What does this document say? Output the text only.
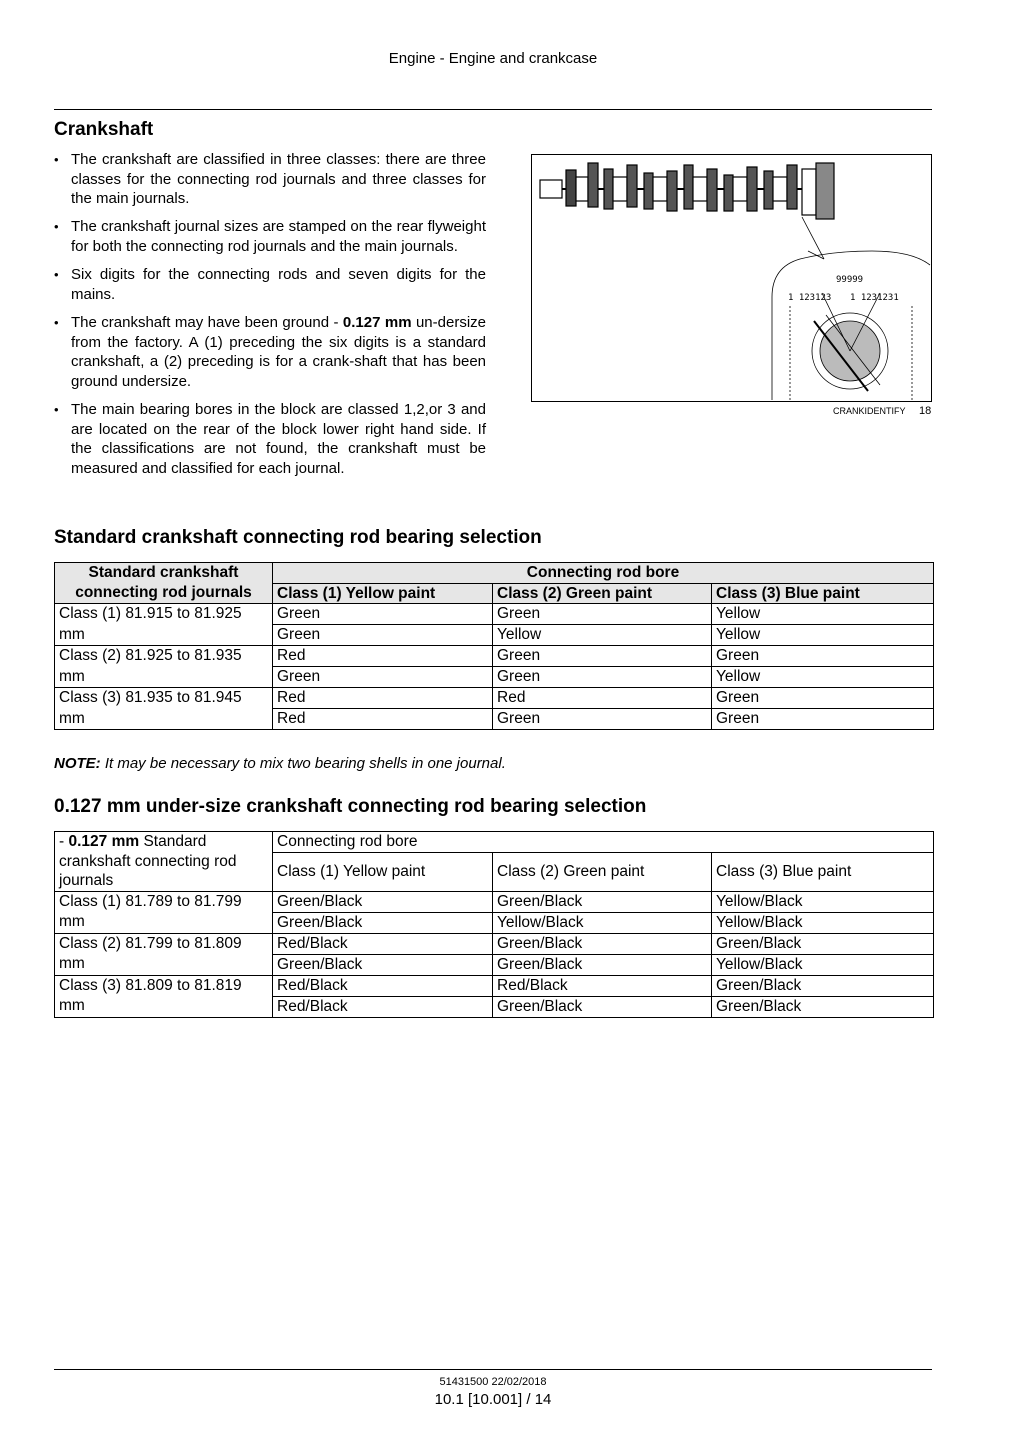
Engine - Engine and crankcase
Crankshaft
• The crankshaft are classified in three classes: there are three classes for the connecting rod journals and three classes for the main journals.
• The crankshaft journal sizes are stamped on the rear flyweight for both the connecting rod journals and the main journals.
• Six digits for the connecting rods and seven digits for the mains.
• The crankshaft may have been ground - 0.127 mm un-dersize from the factory. A (1) preceding the six digits is a standard crankshaft, a (2) preceding is for a crank-shaft that has been ground undersize.
• The main bearing bores in the block are classed 1,2,or 3 and are located on the rear of the block lower right hand side. If the classifications are not found, the crankshaft must be measured and classified for each journal.
99999
1 123123 1 1231231
CRANKIDENTIFY 18
Standard crankshaft connecting rod bearing selection
Standard crankshaft connecting rod journals	Connecting rod bore		
	Class (1) Yellow paint	Class (2) Green paint	Class (3) Blue paint
Class (1) 81.915 to 81.925 mm	Green	Green	Yellow
	Green	Yellow	Yellow
Class (2) 81.925 to 81.935 mm	Red	Green	Green
	Green	Green	Yellow
Class (3) 81.935 to 81.945 mm	Red	Red	Green
	Red	Green	Green
NOTE: It may be necessary to mix two bearing shells in one journal.
0.127 mm under-size crankshaft connecting rod bearing selection
- 0.127 mm Standard crankshaft connecting rod journals	Connecting rod bore		
	Class (1) Yellow paint	Class (2) Green paint	Class (3) Blue paint
Class (1) 81.789 to 81.799 mm	Green/Black	Green/Black	Yellow/Black
	Green/Black	Yellow/Black	Yellow/Black
Class (2) 81.799 to 81.809 mm	Red/Black	Green/Black	Green/Black
	Green/Black	Green/Black	Yellow/Black
Class (3) 81.809 to 81.819 mm	Red/Black	Red/Black	Green/Black
	Red/Black	Green/Black	Green/Black
51431500 22/02/2018
10.1 [10.001] / 14
